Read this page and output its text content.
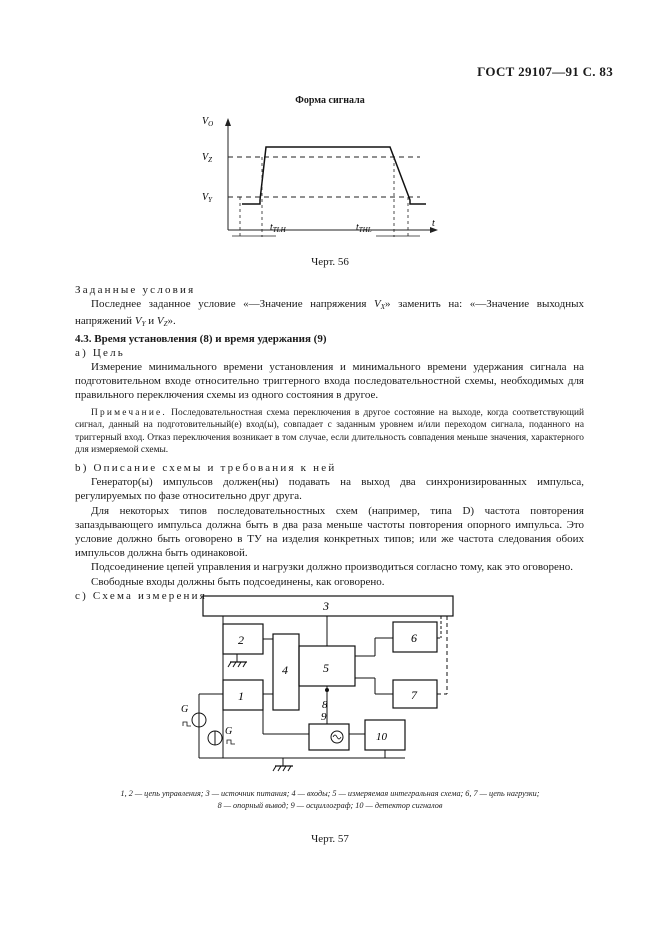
ГОСТ 29107—91 С. 83
Форма сигнала
$V_O$
$V_Z$
$V_Y$
$t_{TLH}$	$t_{THL}$
t
Черт. 56

Заданные условия

Последнее заданное условие «—Значение напряжения $V_X$» заменить на: «—Значение выходных напряжений $V_Y$ и $V_Z$».

4.3. Время установления (8) и время удержания (9)

а) Цель

Измерение минимального времени установления и минимального времени удержания сигнала на подготовительном входе относительно триггерного входа последовательностной схемы, необходимых для правильного переключения схемы из одного состояния в другое.

Примечание. Последовательностная схема переключения в другое состояние на выходе, когда соответствующий сигнал, данный на подготовительный(е) вход(ы), совпадает с заданным уровнем и/или переходом сигнала, поданного на триггерный вход. Отказ переключения возникает в том случае, если длительность совпадения меньше значения, характерного для измеряемой схемы.

b) Описание схемы и требования к ней

Генератор(ы) импульсов должен(ны) подавать на выход два синхронизированных импульса, регулируемых по фазе относительно друг друга.

Для некоторых типов последовательностных схем (например, типа D) частота повторения запаздывающего импульса должна быть в два раза меньше частоты повторения опорного импульса. Это условие должно быть оговорено в ТУ на изделия конкретных типов; или же частота следования обоих импульсов должна быть одинаковой.

Подсоединение цепей управления и нагрузки должно производиться согласно тому, как это оговорено.

Свободные входы должны быть подсоединены, как оговорено.

с) Схема измерения

3
2
1
4	5
6
7
9
8
10
G
G
1, 2 — цепь управления; 3 — источник питания; 4 — входы; 5 — измеряемая интегральная схема; 6, 7 — цепь нагрузки;
8 — опорный вывод; 9 — осциллограф; 10 — детектор сигналов
Черт. 57
